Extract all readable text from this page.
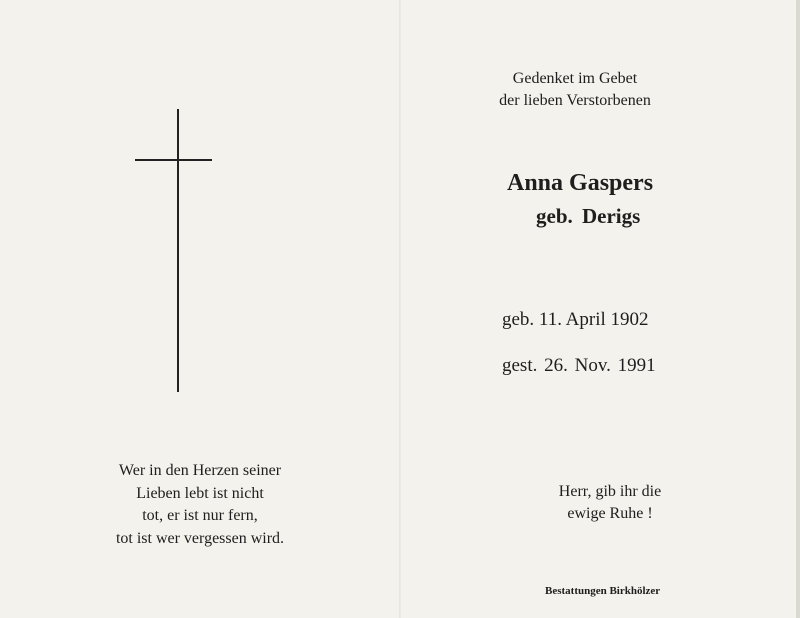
Wer in den Herzen seiner
Lieben lebt ist nicht
tot, er ist nur fern,
tot ist wer vergessen wird.
Gedenket im Gebet
der lieben Verstorbenen
Anna Gaspers
geb. Derigs
geb. 11. April 1902
gest. 26. Nov. 1991
Herr, gib ihr die
ewige Ruhe !
Bestattungen Birkhölzer
